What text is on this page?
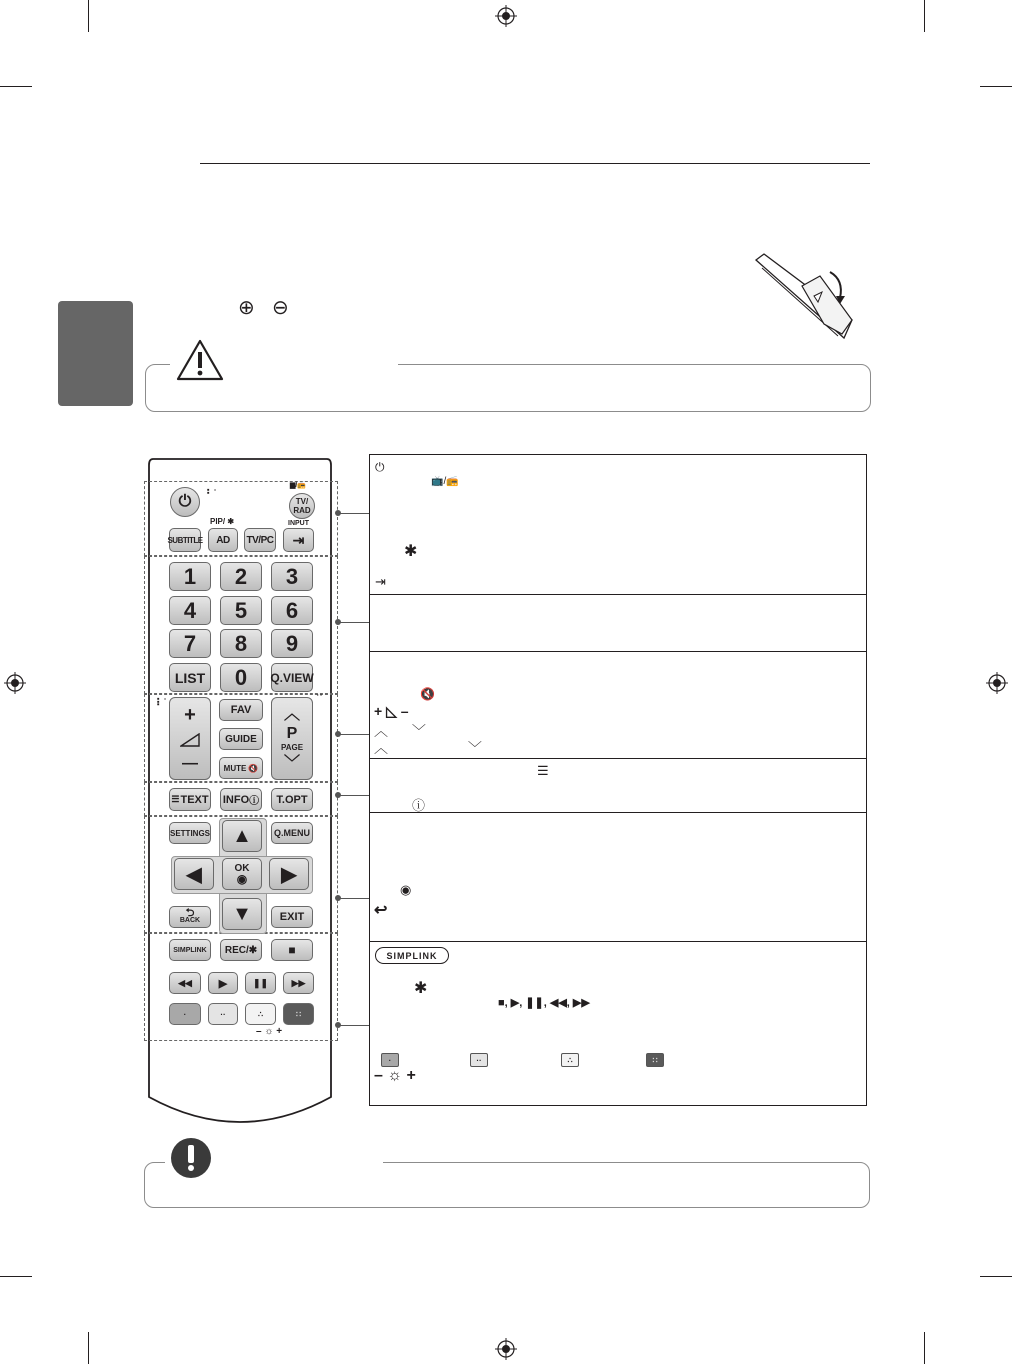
⊕ ⊖
⏻	⠃˙
▆/📻
TV/
RAD
PIP/ ✱	INPUT
SUBTITLE	AD	TV/PC	⇥
1	2	3
4	5	6
7	8	9
LIST	0	Q.VIEW
⠇˙	˙˙
+
—
FAV
GUIDE
MUTE 🔇
︿
P
PAGE
﹀
☰ TEXT INFO ⓘ	T.OPT
SETTINGS	Q.MENU
▲
◀	OK
◉	▶
▼
⮌
BACK	EXIT
SIMPLINK	REC/✱	■
◀◀	▶	❚❚	▶▶
·	··	∴	∷
– ☼ +
⏻
📺/📻
✱
⇥
🔇
+ ◺ –
︿ ﹀
︿ ﹀
☰
ⓘ
◉
↩
SIMPLINK
✱
■, ▶, ❚❚, ◀◀, ▶▶
·	··	∴	∷
– ☼ +
